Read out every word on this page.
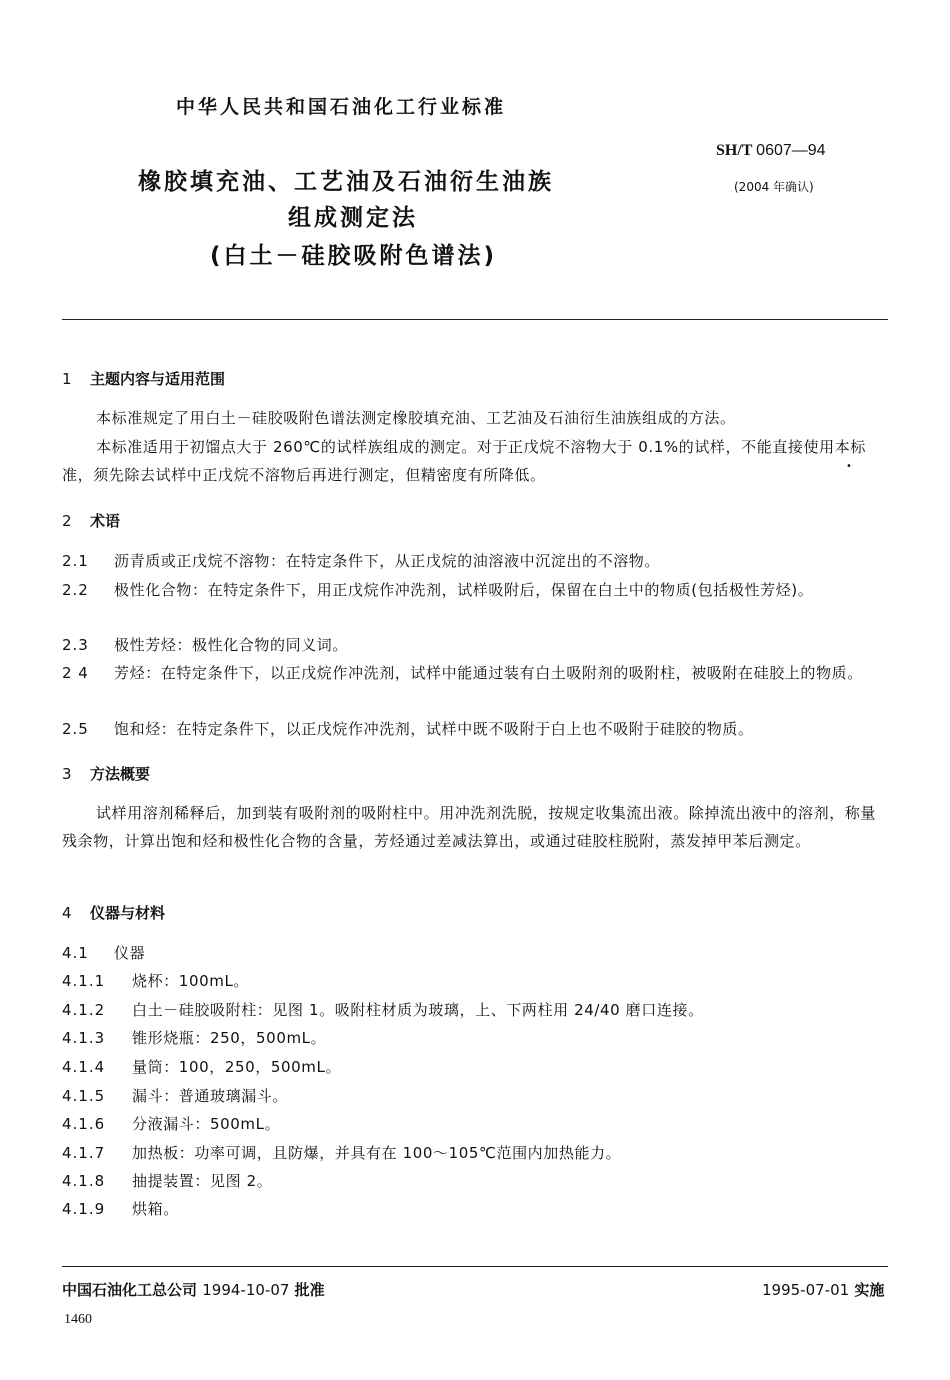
中华人民共和国石油化工行业标准
SH/T 0607—94
(2004 年确认)
橡胶填充油、工艺油及石油衍生油族
组成测定法
(白土－硅胶吸附色谱法)
1 主题内容与适用范围
本标准规定了用白土－硅胶吸附色谱法测定橡胶填充油、工艺油及石油衍生油族组成的方法。
本标准适用于初馏点大于 260℃的试样族组成的测定。对于正戊烷不溶物大于 0.1%的试样，不能直接使用本标准，须先除去试样中正戊烷不溶物后再进行测定，但精密度有所降低。	•
2 术语
2.1 沥青质或正戊烷不溶物：在特定条件下，从正戊烷的油溶液中沉淀出的不溶物。
2.2 极性化合物：在特定条件下，用正戊烷作冲洗剂，试样吸附后，保留在白土中的物质(包括极性芳烃)。
2.3 极性芳烃：极性化合物的同义词。
2 4 芳烃：在特定条件下，以正戊烷作冲洗剂，试样中能通过装有白土吸附剂的吸附柱，被吸附在硅胶上的物质。
2.5 饱和烃：在特定条件下，以正戊烷作冲洗剂，试样中既不吸附于白上也不吸附于硅胶的物质。
3 方法概要
试样用溶剂稀释后，加到装有吸附剂的吸附柱中。用冲洗剂洗脱，按规定收集流出液。除掉流出液中的溶剂，称量残余物，计算出饱和烃和极性化合物的含量，芳烃通过差减法算出，或通过硅胶柱脱附，蒸发掉甲苯后测定。
4 仪器与材料
4.1 仪器
4.1.1 烧杯：100mL。
4.1.2 白土－硅胶吸附柱：见图 1。吸附柱材质为玻璃，上、下两柱用 24/40 磨口连接。
4.1.3 锥形烧瓶：250，500mL。
4.1.4 量筒：100，250，500mL。
4.1.5 漏斗：普通玻璃漏斗。
4.1.6 分液漏斗：500mL。
4.1.7 加热板：功率可调，且防爆，并具有在 100～105℃范围内加热能力。
4.1.8 抽提装置：见图 2。
4.1.9 烘箱。
中国石油化工总公司 1994-10-07 批准	1995-07-01 实施
1460
